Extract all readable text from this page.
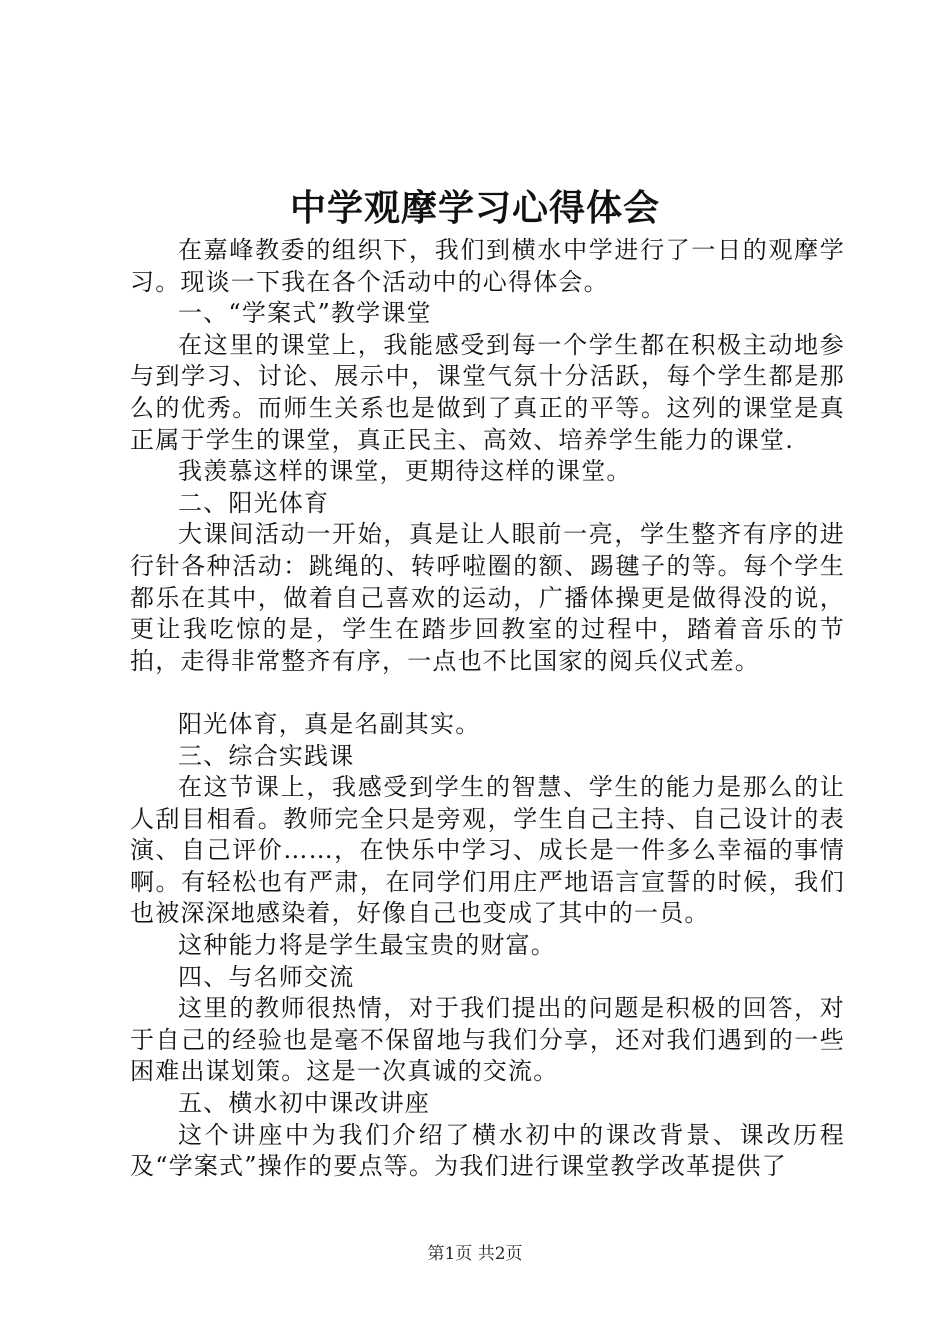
中学观摩学习心得体会

在嘉峰教委的组织下，我们到横水中学进行了一日的观摩学习。现谈一下我在各个活动中的心得体会。

一、“学案式”教学课堂

在这里的课堂上，我能感受到每一个学生都在积极主动地参与到学习、讨论、展示中，课堂气氛十分活跃，每个学生都是那么的优秀。而师生关系也是做到了真正的平等。这列的课堂是真正属于学生的课堂，真正民主、高效、培养学生能力的课堂.

我羡慕这样的课堂，更期待这样的课堂。

二、阳光体育

大课间活动一开始，真是让人眼前一亮，学生整齐有序的进行针各种活动：跳绳的、转呼啦圈的额、踢毽子的等。每个学生都乐在其中，做着自己喜欢的运动，广播体操更是做得没的说，更让我吃惊的是，学生在踏步回教室的过程中，踏着音乐的节拍，走得非常整齐有序，一点也不比国家的阅兵仪式差。

阳光体育，真是名副其实。

三、综合实践课

在这节课上，我感受到学生的智慧、学生的能力是那么的让人刮目相看。教师完全只是旁观，学生自己主持、自己设计的表演、自己评价……，在快乐中学习、成长是一件多么幸福的事情啊。有轻松也有严肃，在同学们用庄严地语言宣誓的时候，我们也被深深地感染着，好像自己也变成了其中的一员。

这种能力将是学生最宝贵的财富。

四、与名师交流

这里的教师很热情，对于我们提出的问题是积极的回答，对于自己的经验也是毫不保留地与我们分享，还对我们遇到的一些困难出谋划策。这是一次真诚的交流。

五、横水初中课改讲座

这个讲座中为我们介绍了横水初中的课改背景、课改历程及“学案式”操作的要点等。为我们进行课堂教学改革提供了

第1页 共2页
